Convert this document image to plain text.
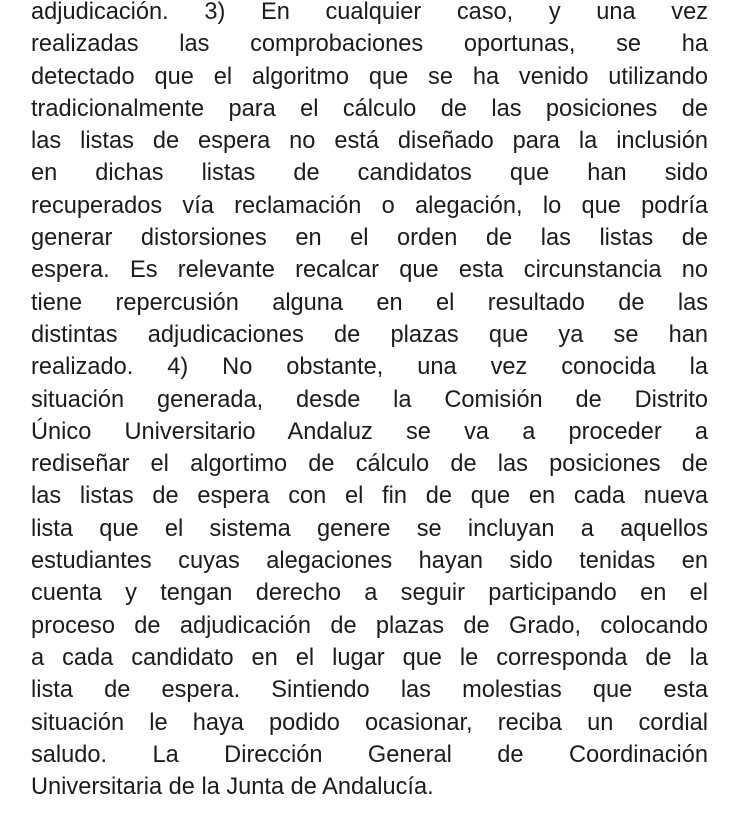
adjudicación. 3) En cualquier caso, y una vez
realizadas las comprobaciones oportunas, se ha
detectado que el algoritmo que se ha venido utilizando
tradicionalmente para el cálculo de las posiciones de
las listas de espera no está diseñado para la inclusión
en dichas listas de candidatos que han sido
recuperados vía reclamación o alegación, lo que podría
generar distorsiones en el orden de las listas de
espera. Es relevante recalcar que esta circunstancia no
tiene repercusión alguna en el resultado de las
distintas adjudicaciones de plazas que ya se han
realizado. 4) No obstante, una vez conocida la
situación generada, desde la Comisión de Distrito
Único Universitario Andaluz se va a proceder a
rediseñar el algortimo de cálculo de las posiciones de
las listas de espera con el fin de que en cada nueva
lista que el sistema genere se incluyan a aquellos
estudiantes cuyas alegaciones hayan sido tenidas en
cuenta y tengan derecho a seguir participando en el
proceso de adjudicación de plazas de Grado, colocando
a cada candidato en el lugar que le corresponda de la
lista de espera. Sintiendo las molestias que esta
situación le haya podido ocasionar, reciba un cordial
saludo. La Dirección General de Coordinación
Universitaria de la Junta de Andalucía.
